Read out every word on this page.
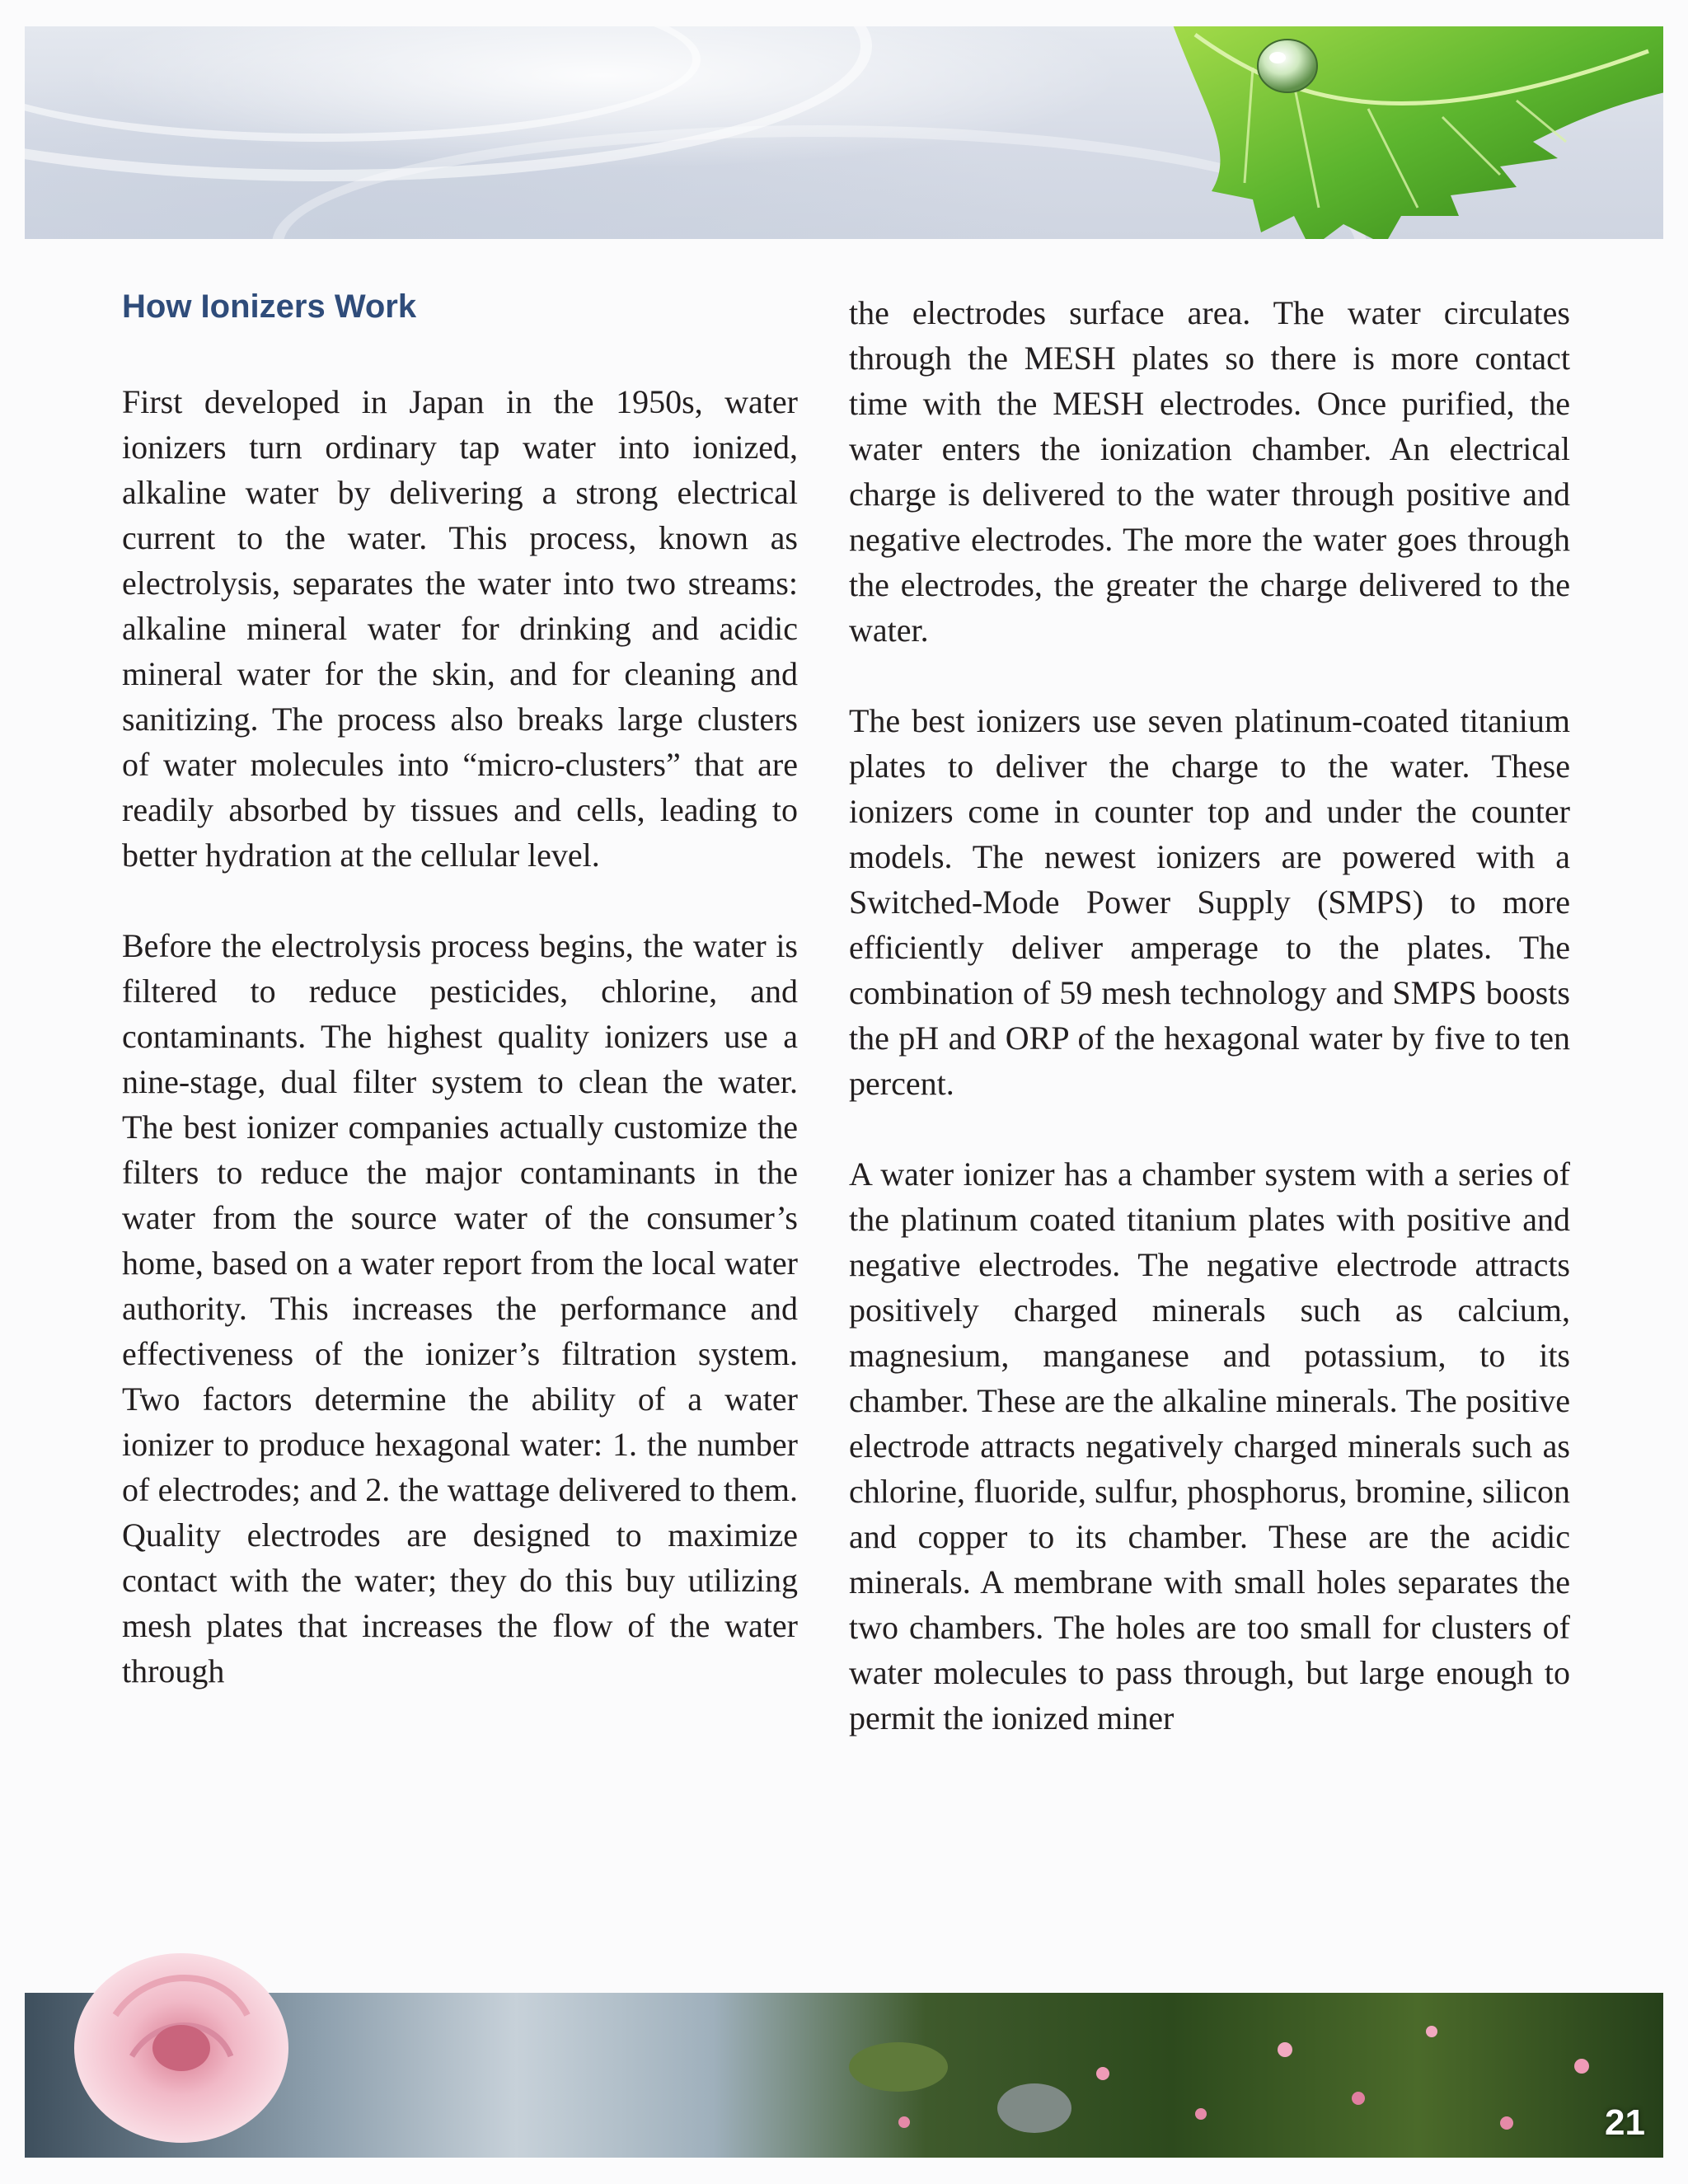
How Ionizers Work

First developed in Japan in the 1950s, water ionizers turn ordinary tap water into ionized, alkaline water by delivering a strong electrical current to the water. This process, known as electrolysis, separates the water into two streams: alkaline mineral water for drinking and acidic mineral water for the skin, and for cleaning and sanitizing. The process also breaks large clusters of water molecules into “micro-clusters” that are readily absorbed by tissues and cells, leading to better hydration at the cellular level.

Before the electrolysis process begins, the water is filtered to reduce pesticides, chlorine, and contaminants. The highest quality ionizers use a nine-stage, dual filter system to clean the water. The best ionizer companies actually customize the filters to reduce the major contaminants in the water from the source water of the consumer’s home, based on a water report from the local water authority. This increases the performance and effectiveness of the ionizer’s filtration system. Two factors determine the ability of a water ionizer to produce hexagonal water: 1. the number of electrodes; and 2. the wattage delivered to them. Quality electrodes are designed to maximize contact with the water; they do this buy utilizing mesh plates that increases the flow of the water through

the electrodes surface area. The water circulates through the MESH plates so there is more contact time with the MESH electrodes. Once purified, the water enters the ionization chamber. An electrical charge is delivered to the water through positive and negative electrodes. The more the water goes through the electrodes, the greater the charge delivered to the water.

The best ionizers use seven platinum-coated titanium plates to deliver the charge to the water. These ionizers come in counter top and under the counter models. The newest ionizers are powered with a Switched-Mode Power Supply (SMPS) to more efficiently deliver amperage to the plates. The combination of 59 mesh technology and SMPS boosts the pH and ORP of the hexagonal water by five to ten percent.

A water ionizer has a chamber system with a series of the platinum coated titanium plates with positive and negative electrodes. The negative electrode attracts positively charged minerals such as calcium, magnesium, manganese and potassium, to its chamber. These are the alkaline minerals. The positive electrode attracts negatively charged minerals such as chlorine, fluoride, sulfur, phosphorus, bromine, silicon and copper to its chamber. These are the acidic minerals. A membrane with small holes separates the two chambers. The holes are too small for clusters of water molecules to pass through, but large enough to permit the ionized miner

21
